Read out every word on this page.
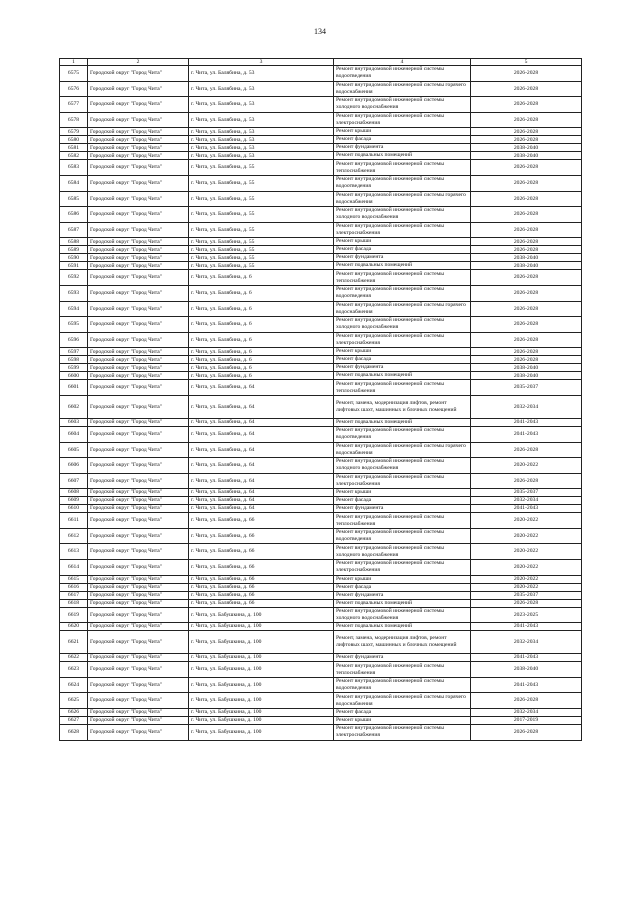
134
1	2	3	4	5
6575	Городской округ "Город Чита"	г. Чита, ул. Балябина, д. 53	Ремонт внутридомовой инженерной системы водоотведения	2026-2028
6576	Городской округ "Город Чита"	г. Чита, ул. Балябина, д. 53	Ремонт внутридомовой инженерной системы горячего водоснабжения	2026-2028
6577	Городской округ "Город Чита"	г. Чита, ул. Балябина, д. 53	Ремонт внутридомовой инженерной системы холодного водоснабжения	2026-2028
6578	Городской округ "Город Чита"	г. Чита, ул. Балябина, д. 53	Ремонт внутридомовой инженерной системы электроснабжения	2026-2028
6579	Городской округ "Город Чита"	г. Чита, ул. Балябина, д. 53	Ремонт крыши	2026-2028
6580	Городской округ "Город Чита"	г. Чита, ул. Балябина, д. 53	Ремонт фасада	2026-2028
6581	Городской округ "Город Чита"	г. Чита, ул. Балябина, д. 53	Ремонт фундамента	2038-2040
6582	Городской округ "Город Чита"	г. Чита, ул. Балябина, д. 53	Ремонт подвальных помещений	2038-2040
6583	Городской округ "Город Чита"	г. Чита, ул. Балябина, д. 55	Ремонт внутридомовой инженерной системы теплоснабжения	2026-2028
6584	Городской округ "Город Чита"	г. Чита, ул. Балябина, д. 55	Ремонт внутридомовой инженерной системы водоотведения	2026-2028
6585	Городской округ "Город Чита"	г. Чита, ул. Балябина, д. 55	Ремонт внутридомовой инженерной системы горячего водоснабжения	2026-2028
6586	Городской округ "Город Чита"	г. Чита, ул. Балябина, д. 55	Ремонт внутридомовой инженерной системы холодного водоснабжения	2026-2028
6587	Городской округ "Город Чита"	г. Чита, ул. Балябина, д. 55	Ремонт внутридомовой инженерной системы электроснабжения	2026-2028
6588	Городской округ "Город Чита"	г. Чита, ул. Балябина, д. 55	Ремонт крыши	2026-2028
6589	Городской округ "Город Чита"	г. Чита, ул. Балябина, д. 55	Ремонт фасада	2026-2028
6590	Городской округ "Город Чита"	г. Чита, ул. Балябина, д. 55	Ремонт фундамента	2038-2040
6591	Городской округ "Город Чита"	г. Чита, ул. Балябина, д. 55	Ремонт подвальных помещений	2038-2040
6592	Городской округ "Город Чита"	г. Чита, ул. Балябина, д. 6	Ремонт внутридомовой инженерной системы теплоснабжения	2026-2028
6593	Городской округ "Город Чита"	г. Чита, ул. Балябина, д. 6	Ремонт внутридомовой инженерной системы водоотведения	2026-2028
6594	Городской округ "Город Чита"	г. Чита, ул. Балябина, д. 6	Ремонт внутридомовой инженерной системы горячего водоснабжения	2026-2028
6595	Городской округ "Город Чита"	г. Чита, ул. Балябина, д. 6	Ремонт внутридомовой инженерной системы холодного водоснабжения	2026-2028
6596	Городской округ "Город Чита"	г. Чита, ул. Балябина, д. 6	Ремонт внутридомовой инженерной системы электроснабжения	2026-2028
6597	Городской округ "Город Чита"	г. Чита, ул. Балябина, д. 6	Ремонт крыши	2026-2028
6598	Городской округ "Город Чита"	г. Чита, ул. Балябина, д. 6	Ремонт фасада	2026-2028
6599	Городской округ "Город Чита"	г. Чита, ул. Балябина, д. 6	Ремонт фундамента	2038-2040
6600	Городской округ "Город Чита"	г. Чита, ул. Балябина, д. 6	Ремонт подвальных помещений	2038-2040
6601	Городской округ "Город Чита"	г. Чита, ул. Балябина, д. 64	Ремонт внутридомовой инженерной системы теплоснабжения	2035-2037
6602	Городской округ "Город Чита"	г. Чита, ул. Балябина, д. 64	Ремонт, замена, модернизация лифтов, ремонт лифтовых шахт, машинных и блочных помещений	2032-2034
6603	Городской округ "Город Чита"	г. Чита, ул. Балябина, д. 64	Ремонт подвальных помещений	2041-2043
6604	Городской округ "Город Чита"	г. Чита, ул. Балябина, д. 64	Ремонт внутридомовой инженерной системы водоотведения	2041-2043
6605	Городской округ "Город Чита"	г. Чита, ул. Балябина, д. 64	Ремонт внутридомовой инженерной системы горячего водоснабжения	2026-2028
6606	Городской округ "Город Чита"	г. Чита, ул. Балябина, д. 64	Ремонт внутридомовой инженерной системы холодного водоснабжения	2020-2022
6607	Городской округ "Город Чита"	г. Чита, ул. Балябина, д. 64	Ремонт внутридомовой инженерной системы электроснабжения	2026-2028
6608	Городской округ "Город Чита"	г. Чита, ул. Балябина, д. 64	Ремонт крыши	2035-2037
6609	Городской округ "Город Чита"	г. Чита, ул. Балябина, д. 64	Ремонт фасада	2032-2034
6610	Городской округ "Город Чита"	г. Чита, ул. Балябина, д. 64	Ремонт фундамента	2041-2043
6611	Городской округ "Город Чита"	г. Чита, ул. Балябина, д. 66	Ремонт внутридомовой инженерной системы теплоснабжения	2020-2022
6612	Городской округ "Город Чита"	г. Чита, ул. Балябина, д. 66	Ремонт внутридомовой инженерной системы водоотведения	2020-2022
6613	Городской округ "Город Чита"	г. Чита, ул. Балябина, д. 66	Ремонт внутридомовой инженерной системы холодного водоснабжения	2020-2022
6614	Городской округ "Город Чита"	г. Чита, ул. Балябина, д. 66	Ремонт внутридомовой инженерной системы электроснабжения	2020-2022
6615	Городской округ "Город Чита"	г. Чита, ул. Балябина, д. 66	Ремонт крыши	2020-2022
6616	Городской округ "Город Чита"	г. Чита, ул. Балябина, д. 66	Ремонт фасада	2020-2022
6617	Городской округ "Город Чита"	г. Чита, ул. Балябина, д. 66	Ремонт фундамента	2035-2037
6618	Городской округ "Город Чита"	г. Чита, ул. Балябина, д. 66	Ремонт подвальных помещений	2026-2028
6619	Городской округ "Город Чита"	г. Чита, ул. Бабушкина, д. 100	Ремонт внутридомовой инженерной системы холодного водоснабжения	2023-2025
6620	Городской округ "Город Чита"	г. Чита, ул. Бабушкина, д. 100	Ремонт подвальных помещений	2041-2043
6621	Городской округ "Город Чита"	г. Чита, ул. Бабушкина, д. 100	Ремонт, замена, модернизация лифтов, ремонт лифтовых шахт, машинных и блочных помещений	2032-2034
6622	Городской округ "Город Чита"	г. Чита, ул. Бабушкина, д. 100	Ремонт фундамента	2041-2043
6623	Городской округ "Город Чита"	г. Чита, ул. Бабушкина, д. 100	Ремонт внутридомовой инженерной системы теплоснабжения	2038-2040
6624	Городской округ "Город Чита"	г. Чита, ул. Бабушкина, д. 100	Ремонт внутридомовой инженерной системы водоотведения	2041-2043
6625	Городской округ "Город Чита"	г. Чита, ул. Бабушкина, д. 100	Ремонт внутридомовой инженерной системы горячего водоснабжения	2026-2028
6626	Городской округ "Город Чита"	г. Чита, ул. Бабушкина, д. 100	Ремонт фасада	2032-2034
6627	Городской округ "Город Чита"	г. Чита, ул. Бабушкина, д. 100	Ремонт крыши	2017-2019
6628	Городской округ "Город Чита"	г. Чита, ул. Бабушкина, д. 100	Ремонт внутридомовой инженерной системы электроснабжения	2026-2028
